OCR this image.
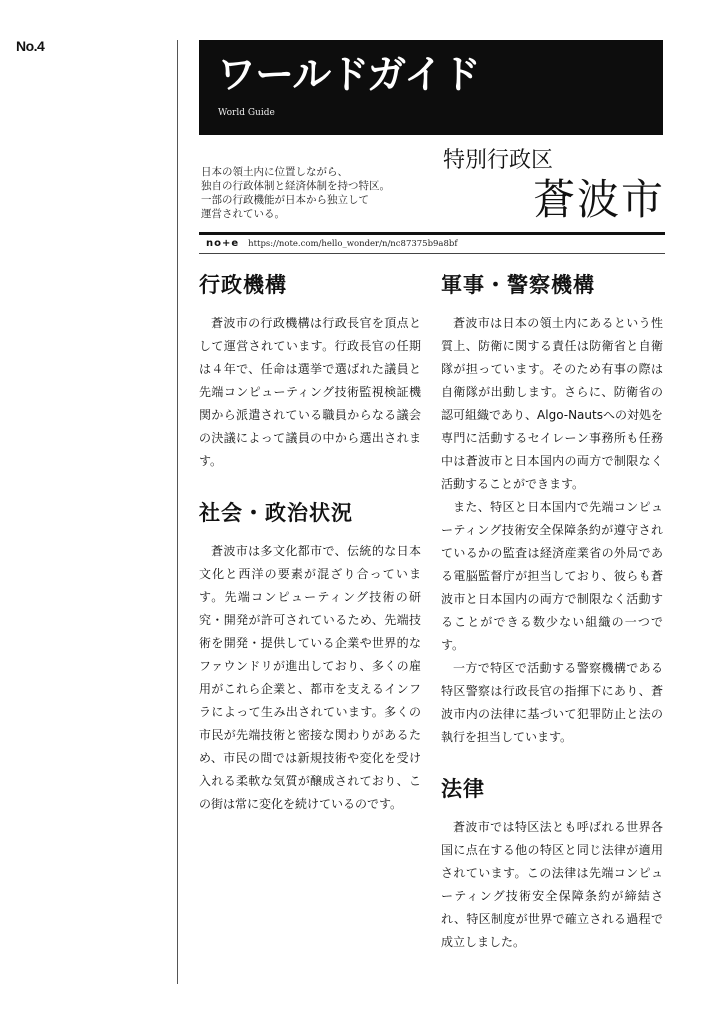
No.4
ワールドガイド
World Guide
日本の領土内に位置しながら、
独自の行政体制と経済体制を持つ特区。
一部の行政機能が日本から独立して
運営されている。
特別行政区
蒼波市
no+e https://note.com/hello_wonder/n/nc87375b9a8bf
行政機構

蒼波市の行政機構は行政長官を頂点として運営されています。行政長官の任期は４年で、任命は選挙で選ばれた議員と先端コンピューティング技術監視検証機関から派遣されている職員からなる議会の決議によって議員の中から選出されます。

社会・政治状況

蒼波市は多文化都市で、伝統的な日本文化と西洋の要素が混ざり合っています。先端コンピューティング技術の研究・開発が許可されているため、先端技術を開発・提供している企業や世界的なファウンドリが進出しており、多くの雇用がこれら企業と、都市を支えるインフラによって生み出されています。多くの市民が先端技術と密接な関わりがあるため、市民の間では新規技術や変化を受け入れる柔軟な気質が醸成されており、この街は常に変化を続けているのです。

軍事・警察機構

蒼波市は日本の領土内にあるという性質上、防衛に関する責任は防衛省と自衛隊が担っています。そのため有事の際は自衛隊が出動します。さらに、防衛省の認可組織であり、Algo-Nautsへの対処を専門に活動するセイレーン事務所も任務中は蒼波市と日本国内の両方で制限なく活動することができます。

また、特区と日本国内で先端コンピューティング技術安全保障条約が遵守されているかの監査は経済産業省の外局である電脳監督庁が担当しており、彼らも蒼波市と日本国内の両方で制限なく活動することができる数少ない組織の一つです。

一方で特区で活動する警察機構である特区警察は行政長官の指揮下にあり、蒼波市内の法律に基づいて犯罪防止と法の執行を担当しています。

法律

蒼波市では特区法とも呼ばれる世界各国に点在する他の特区と同じ法律が適用されています。この法律は先端コンピューティング技術安全保障条約が締結され、特区制度が世界で確立される過程で成立しました。
